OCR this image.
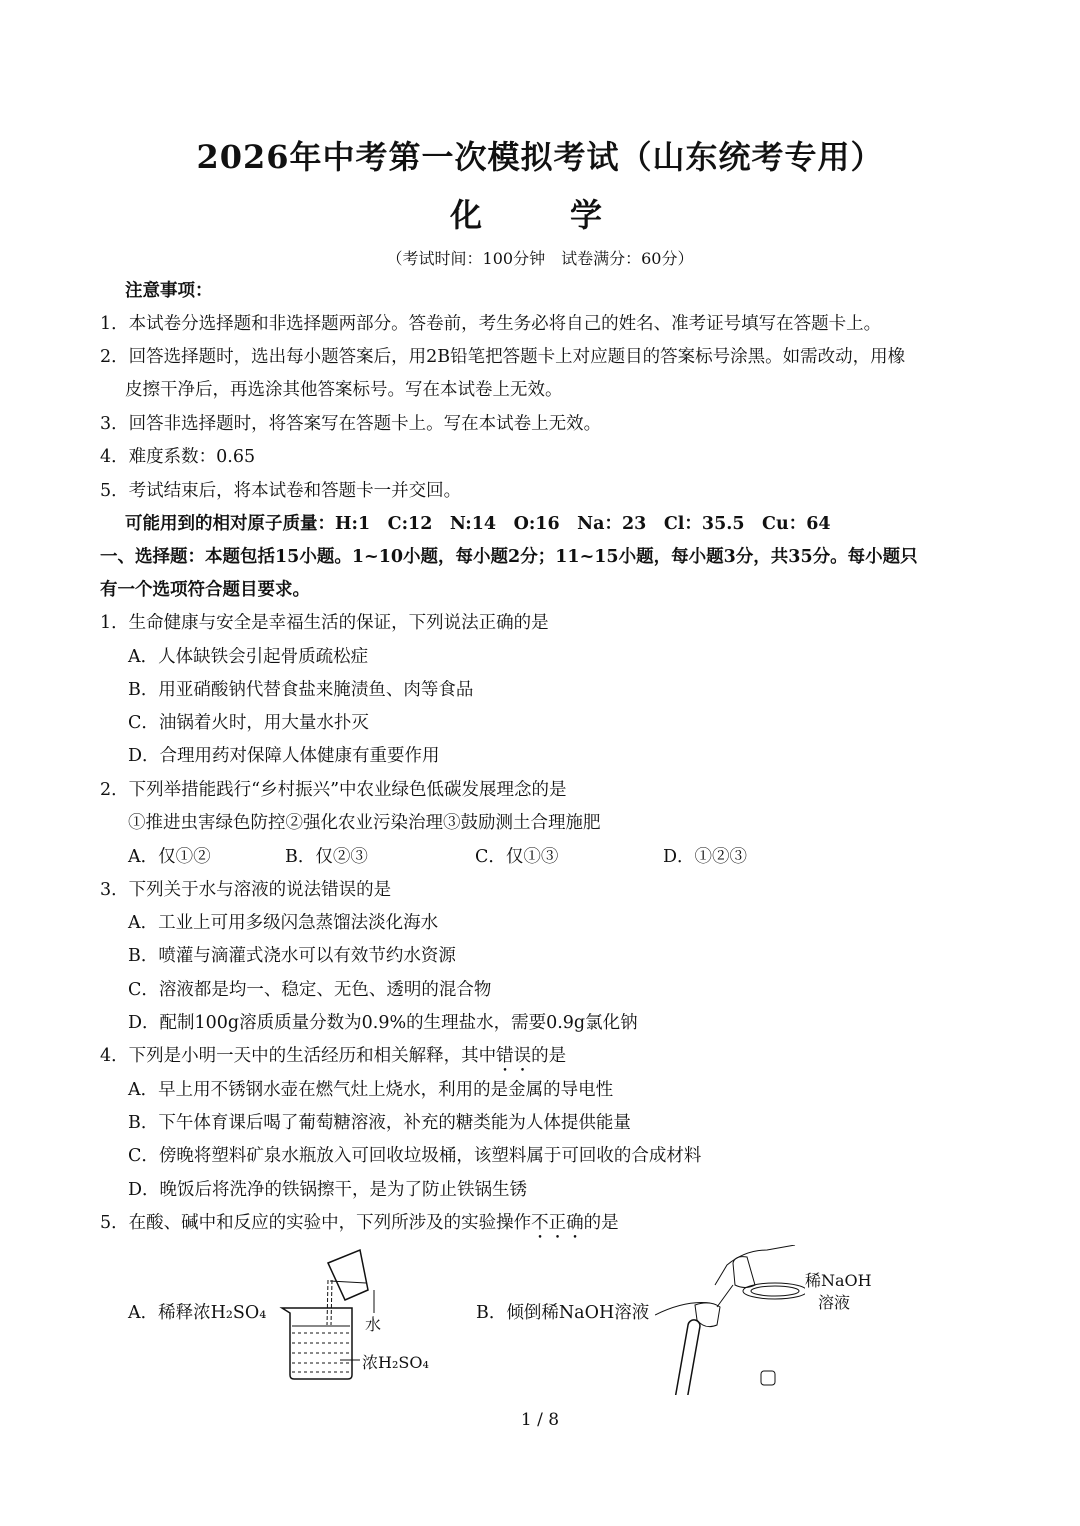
2026年中考第一次模拟考试（山东统考专用）
化　学
（考试时间：100分钟　试卷满分：60分）
注意事项：
1．本试卷分选择题和非选择题两部分。答卷前，考生务必将自己的姓名、准考证号填写在答题卡上。
2．回答选择题时，选出每小题答案后，用2B铅笔把答题卡上对应题目的答案标号涂黑。如需改动，用橡
皮擦干净后，再选涂其他答案标号。写在本试卷上无效。
3．回答非选择题时，将答案写在答题卡上。写在本试卷上无效。
4．难度系数：0.65
5．考试结束后，将本试卷和答题卡一并交回。
可能用到的相对原子质量：H:1　C:12　N:14　O:16　Na：23　Cl：35.5　Cu：64
一、选择题：本题包括15小题。1~10小题，每小题2分；11~15小题，每小题3分，共35分。每小题只
有一个选项符合题目要求。
1．生命健康与安全是幸福生活的保证，下列说法正确的是
A．人体缺铁会引起骨质疏松症
B．用亚硝酸钠代替食盐来腌渍鱼、肉等食品
C．油锅着火时，用大量水扑灭
D．合理用药对保障人体健康有重要作用
2．下列举措能践行“乡村振兴”中农业绿色低碳发展理念的是
①推进虫害绿色防控②强化农业污染治理③鼓励测土合理施肥
A．仅①②	B．仅②③	C．仅①③	D．①②③
3．下列关于水与溶液的说法错误的是
A．工业上可用多级闪急蒸馏法淡化海水
B．喷灌与滴灌式浇水可以有效节约水资源
C．溶液都是均一、稳定、无色、透明的混合物
D．配制100g溶质质量分数为0.9%的生理盐水，需要0.9g氯化钠
4．下列是小明一天中的生活经历和相关解释，其中错误的是
A．早上用不锈钢水壶在燃气灶上烧水，利用的是金属的导电性
B．下午体育课后喝了葡萄糖溶液，补充的糖类能为人体提供能量
C．傍晚将塑料矿泉水瓶放入可回收垃圾桶，该塑料属于可回收的合成材料
D．晚饭后将洗净的铁锅擦干，是为了防止铁锅生锈
5．在酸、碱中和反应的实验中，下列所涉及的实验操作不正确的是
A．稀释浓H₂SO₄
水
浓H₂SO₄
B．倾倒稀NaOH溶液
稀NaOH
溶液
1 / 8
